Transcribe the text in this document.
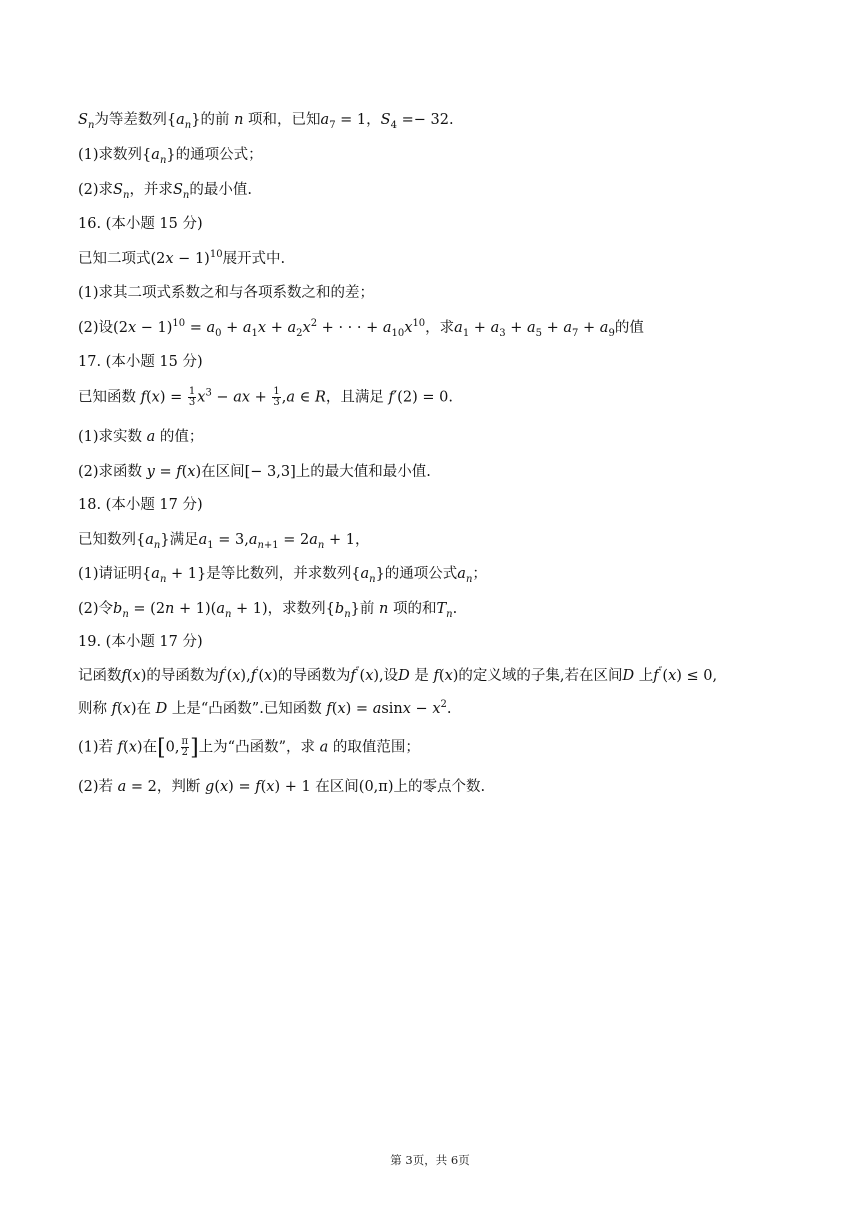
$S_n$为等差数列$\{a_n\}$的前 n 项和，已知$a_7 = 1$，$S_4 =- 32$.
(1)求数列$\{a_n\}$的通项公式；
(2)求$S_n$，并求$S_n$的最小值.
16. (本小题 15 分)
已知二项式$(2x - 1)^{10}$展开式中.
(1)求其二项式系数之和与各项系数之和的差；
(2)设$(2x - 1)^{10} = a_0 + a_1x + a_2x^2$ + · · · + $a_{10}x^{10}$，求$a_1 + a_3 + a_5 + a_7 + a_9$的值
17. (本小题 15 分)
已知函数 $f(x) = \frac{1}{3} x^3$ − ax + $\frac{1}{3} ,a$ ∈ R，且满足 f′(2) = 0.
(1)求实数 a 的值；
(2)求函数 y = f(x)在区间[− 3,3]上的最大值和最小值.
18. (本小题 17 分)
已知数列$\{a_n\}$满足$a_1 = 3,a_{n+1} = 2a_n + 1$，
(1)请证明$\{a_n + 1\}$是等比数列，并求数列$\{a_n\}$的通项公式$a_n$；
(2)令$b_n = (2n + 1)(a_n + 1)$，求数列$\{b_n\}$前 n 项的和$T_n$.
19. (本小题 17 分)
记函数f(x)的导函数为f′(x),f′(x)的导函数为f″(x),设D 是 f(x)的定义域的子集,若在区间D 上f″(x) ≤ 0,
则称 f(x)在 D 上是“凸函数”.已知函数 $f(x) = asinx - x^2$.
(1)若 f(x)在[0, $\frac{\pi}{2}$ ]上为“凸函数”，求 a 的取值范围；
(2)若 a = 2，判断 g(x) = f(x) + 1 在区间(0,π)上的零点个数.
第 3页，共 6页
